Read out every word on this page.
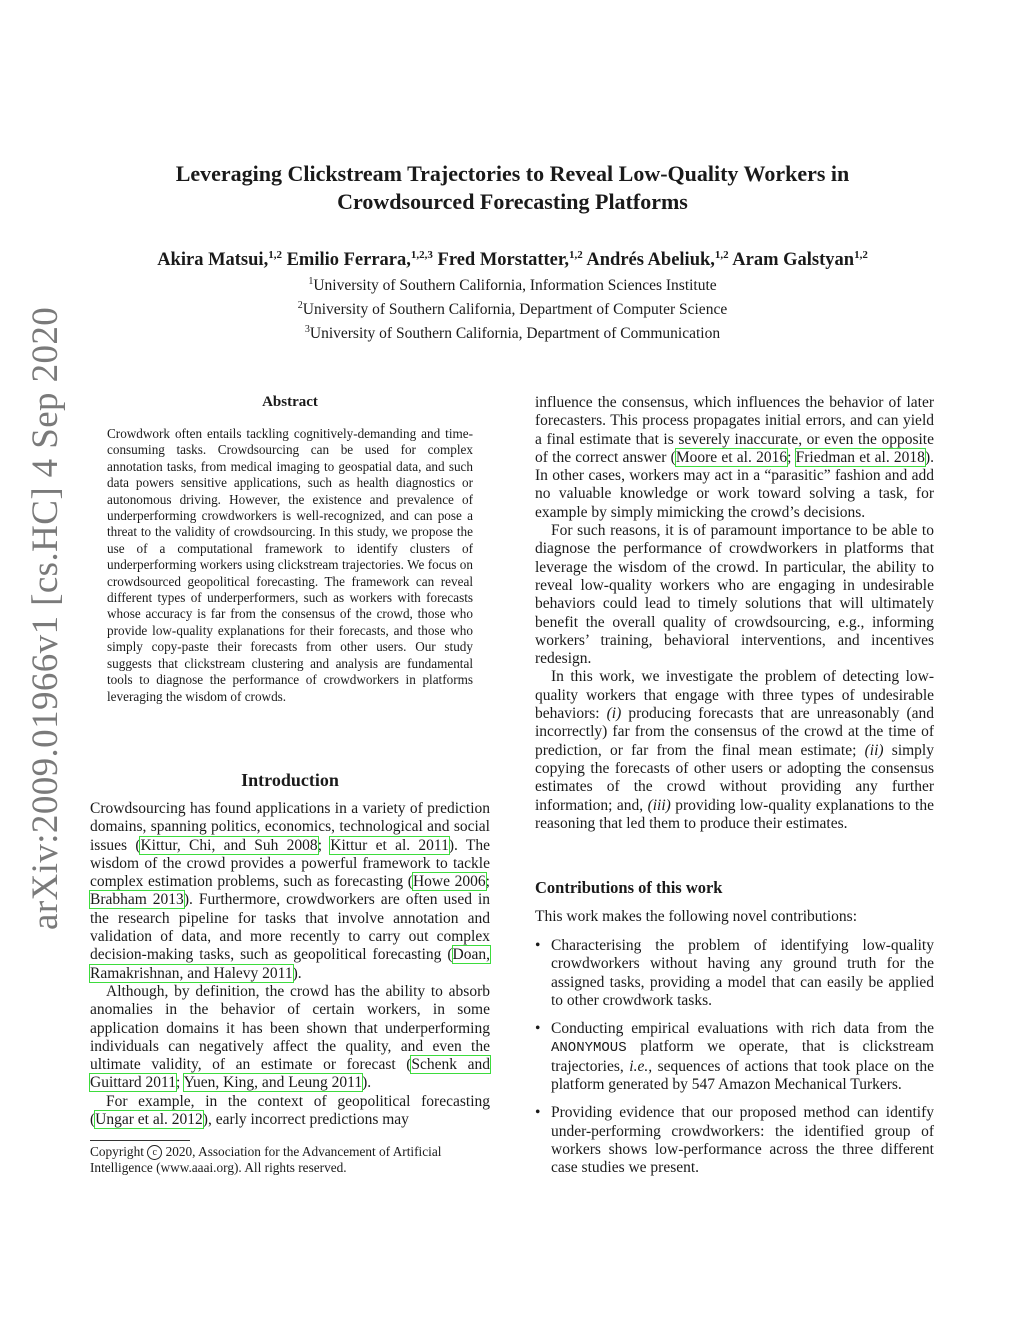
arXiv:2009.01966v1 [cs.HC] 4 Sep 2020
Leveraging Clickstream Trajectories to Reveal Low-Quality Workers in
Crowdsourced Forecasting Platforms
Akira Matsui,$^{1,2}$ Emilio Ferrara,$^{1,2,3}$ Fred Morstatter,$^{1,2}$ Andrés Abeliuk,$^{1,2}$ Aram Galstyan$^{1,2}$
$^1$University of Southern California, Information Sciences Institute
$^2$University of Southern California, Department of Computer Science
$^3$University of Southern California, Department of Communication
Abstract
Crowdwork often entails tackling cognitively-demanding and time-consuming tasks. Crowdsourcing can be used for complex annotation tasks, from medical imaging to geospatial data, and such data powers sensitive applications, such as health diagnostics or autonomous driving. However, the existence and prevalence of underperforming crowdworkers is well-recognized, and can pose a threat to the validity of crowdsourcing. In this study, we propose the use of a computational framework to identify clusters of underperforming workers using clickstream trajectories. We focus on crowdsourced geopolitical forecasting. The framework can reveal different types of underperformers, such as workers with forecasts whose accuracy is far from the consensus of the crowd, those who provide low-quality explanations for their forecasts, and those who simply copy-paste their forecasts from other users. Our study suggests that clickstream clustering and analysis are fundamental tools to diagnose the performance of crowdworkers in platforms leveraging the wisdom of crowds.
Introduction

Crowdsourcing has found applications in a variety of prediction domains, spanning politics, economics, technological and social issues (Kittur, Chi, and Suh 2008; Kittur et al. 2011). The wisdom of the crowd provides a powerful framework to tackle complex estimation problems, such as forecasting (Howe 2006; Brabham 2013). Furthermore, crowdworkers are often used in the research pipeline for tasks that involve annotation and validation of data, and more recently to carry out complex decision-making tasks, such as geopolitical forecasting (Doan, Ramakrishnan, and Halevy 2011).

Although, by definition, the crowd has the ability to absorb anomalies in the behavior of certain workers, in some application domains it has been shown that underperforming individuals can negatively affect the quality, and even the ultimate validity, of an estimate or forecast (Schenk and Guittard 2011; Yuen, King, and Leung 2011).

For example, in the context of geopolitical forecasting (Ungar et al. 2012), early incorrect predictions may

Copyright c 2020, Association for the Advancement of Artificial Intelligence (www.aaai.org). All rights reserved.

influence the consensus, which influences the behavior of later forecasters. This process propagates initial errors, and can yield a final estimate that is severely inaccurate, or even the opposite of the correct answer (Moore et al. 2016; Friedman et al. 2018). In other cases, workers may act in a “parasitic” fashion and add no valuable knowledge or work toward solving a task, for example by simply mimicking the crowd’s decisions.

For such reasons, it is of paramount importance to be able to diagnose the performance of crowdworkers in platforms that leverage the wisdom of the crowd. In particular, the ability to reveal low-quality workers who are engaging in undesirable behaviors could lead to timely solutions that will ultimately benefit the overall quality of crowdsourcing, e.g., informing workers’ training, behavioral interventions, and incentives redesign.

In this work, we investigate the problem of detecting low-quality workers that engage with three types of undesirable behaviors: (i) producing forecasts that are unreasonably (and incorrectly) far from the consensus of the crowd at the time of prediction, or far from the final mean estimate; (ii) simply copying the forecasts of other users or adopting the consensus estimates of the crowd without providing any further information; and, (iii) providing low-quality explanations to the reasoning that led them to produce their estimates.

Contributions of this work
This work makes the following novel contributions:
• Characterising the problem of identifying low-quality crowdworkers without having any ground truth for the assigned tasks, providing a model that can easily be applied to other crowdwork tasks.
• Conducting empirical evaluations with rich data from the ANONYMOUS platform we operate, that is clickstream trajectories, i.e., sequences of actions that took place on the platform generated by 547 Amazon Mechanical Turkers.
• Providing evidence that our proposed method can identify under-performing crowdworkers: the identified group of workers shows low-performance across the three different case studies we present.
